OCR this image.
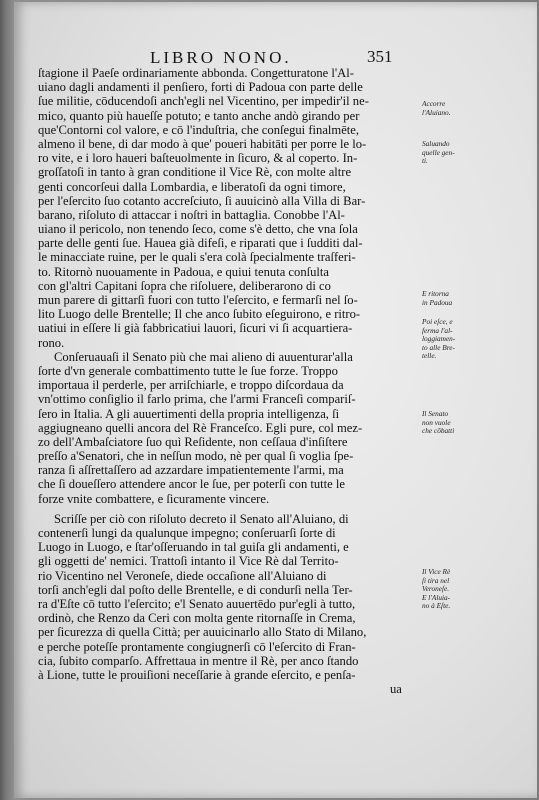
LIBRO NONO.	351
ſtagione il Paeſe ordinariamente abbonda. Congetturatone l'Al-
uiano dagli andamenti il penſiero, forti di Padoua con parte delle
ſue militie, cōducendoſi anch'egli nel Vicentino, per impedir'il ne-
mico, quanto più haueſſe potuto; e tanto anche andò girando per
que'Contorni col valore, e cō l'induſtria, che conſegui finalmēte,
almeno il bene, di dar modo à que' poueri habitāti per porre le lo-
ro vite, e i loro haueri baſteuolmente in ſicuro, & al coperto. In-
groſſatoſi in tanto à gran conditione il Vice Rè, con molte altre
genti concorſeui dalla Lombardia, e liberatoſi da ogni timore,
per l'eſercito ſuo cotanto accreſciuto, ſi auuicinò alla Villa di Bar-
barano, riſoluto di attaccar i noſtri in battaglia. Conobbe l'Al-
uiano il pericolo, non tenendo ſeco, come s'è detto, che vna ſola
parte delle genti ſue. Hauea già difeſi, e riparati que i ſudditi dal-
le minacciate ruine, per le quali s'era colà ſpecialmente traſferi-
to. Ritornò nuouamente in Padoua, e quiui tenuta conſulta
con gl'altri Capitani ſopra che riſoluere, deliberarono di co
mun parere di gittarſi fuori con tutto l'eſercito, e fermarſi nel ſo-
lito Luogo delle Brentelle; Il che anco ſubito eſeguirono, e ritro-
uatiui in eſſere li già fabbricatiui lauori, ſicuri vi ſi acquartiera-
rono.
Conſeruauaſi il Senato più che mai alieno di auuenturar'alla
ſorte d'vn generale combattimento tutte le ſue forze. Troppo
importaua il perderle, per arriſchiarle, e troppo diſcordaua da
vn'ottimo conſiglio il farlo prima, che l'armi Franceſi compariſ-
ſero in Italia. A gli auuertimenti della propria intelligenza, ſi
aggiugneano quelli ancora del Rè Franceſco. Egli pure, col mez-
zo dell'Ambaſciatore ſuo quì Reſidente, non ceſſaua d'inſiſtere
preſſo a'Senatori, che in neſſun modo, nè per qual ſi voglia ſpe-
ranza ſi aſſrettaſſero ad azzardare impatientemente l'armi, ma
che ſi doueſſero attendere ancor le ſue, per poterſi con tutte le
forze vnite combattere, e ſicuramente vincere.
Scriſſe per ciò con riſoluto decreto il Senato all'Aluiano, di
contenerſi lungi da qualunque impegno; conſeruarſi ſorte di
Luogo in Luogo, e ſtar'oſſeruando in tal guiſa gli andamenti, e
gli oggetti de' nemici. Trattoſi intanto il Vice Rè dal Territo-
rio Vicentino nel Veroneſe, diede occaſione all'Aluiano di
torſi anch'egli dal poſto delle Brentelle, e di condurſi nella Ter-
ra d'Eſte cō tutto l'eſercito; e'l Senato auuertēdo pur'egli à tutto,
ordinò, che Renzo da Ceri con molta gente ritornaſſe in Crema,
per ſicurezza di quella Città; per auuicinarlo allo Stato di Milano,
e perche poteſſe prontamente congiugnerſi cō l'eſercito di Fran-
cia, ſubito comparſo. Affrettaua in mentre il Rè, per anco ſtando
à Lione, tutte le prouiſioni neceſſarie à grande eſercito, e penſa-
ua
Accorre
l'Aluiano.
Saluando
quelle gen-
ti.
E ritorna
in Padoua
Poi eſce, e
ferma l'al-
loggiamen-
to alle Bre-
telle.
Il Senato
non vuole
che cōbatti
Il Vice Rè
ſi tira nel
Veroneſe.
E l'Aluia-
no à Eſte.
